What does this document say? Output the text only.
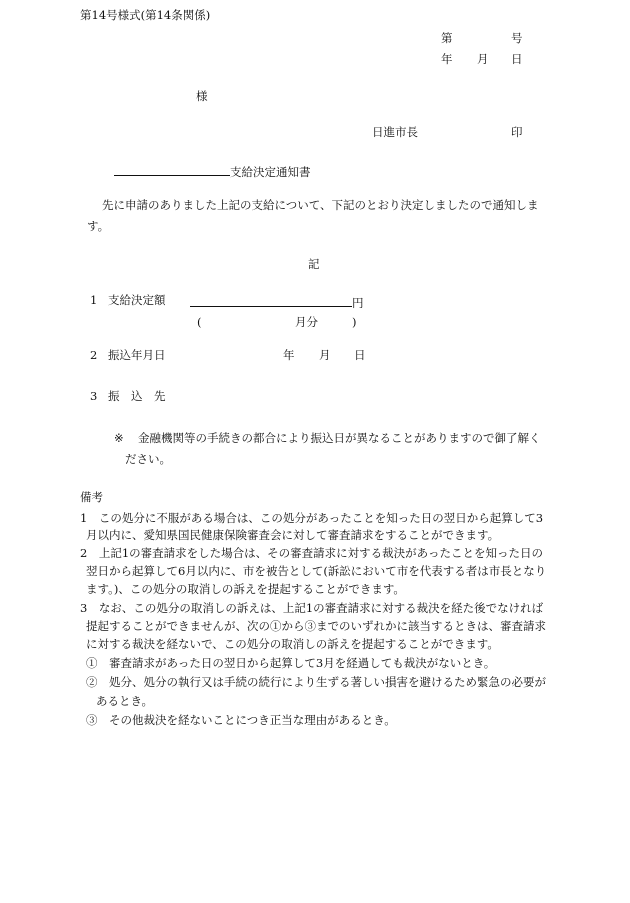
第14号様式(第14条関係)
第	号
年 月 日
様
日進市長	印
支給決定通知書
先に申請のありました上記の支給について、下記のとおり決定しましたので通知しま
す。
記
1 支給決定額	円
(	月分	)
2 振込年月日	年 月 日
3 振　込　先
※ 金融機関等の手続きの都合により振込日が異なることがありますので御了解く
ださい。
備考
1　この処分に不服がある場合は、この処分があったことを知った日の翌日から起算して3
月以内に、愛知県国民健康保険審査会に対して審査請求をすることができます。
2　上記1の審査請求をした場合は、その審査請求に対する裁決があったことを知った日の
翌日から起算して6月以内に、市を被告として(訴訟において市を代表する者は市長となり
ます。)、この処分の取消しの訴えを提起することができます。
3　なお、この処分の取消しの訴えは、上記1の審査請求に対する裁決を経た後でなければ
提起することができませんが、次の①から③までのいずれかに該当するときは、審査請求
に対する裁決を経ないで、この処分の取消しの訴えを提起することができます。
①　審査請求があった日の翌日から起算して3月を経過しても裁決がないとき。
②　処分、処分の執行又は手続の続行により生ずる著しい損害を避けるため緊急の必要が
あるとき。
③　その他裁決を経ないことにつき正当な理由があるとき。
